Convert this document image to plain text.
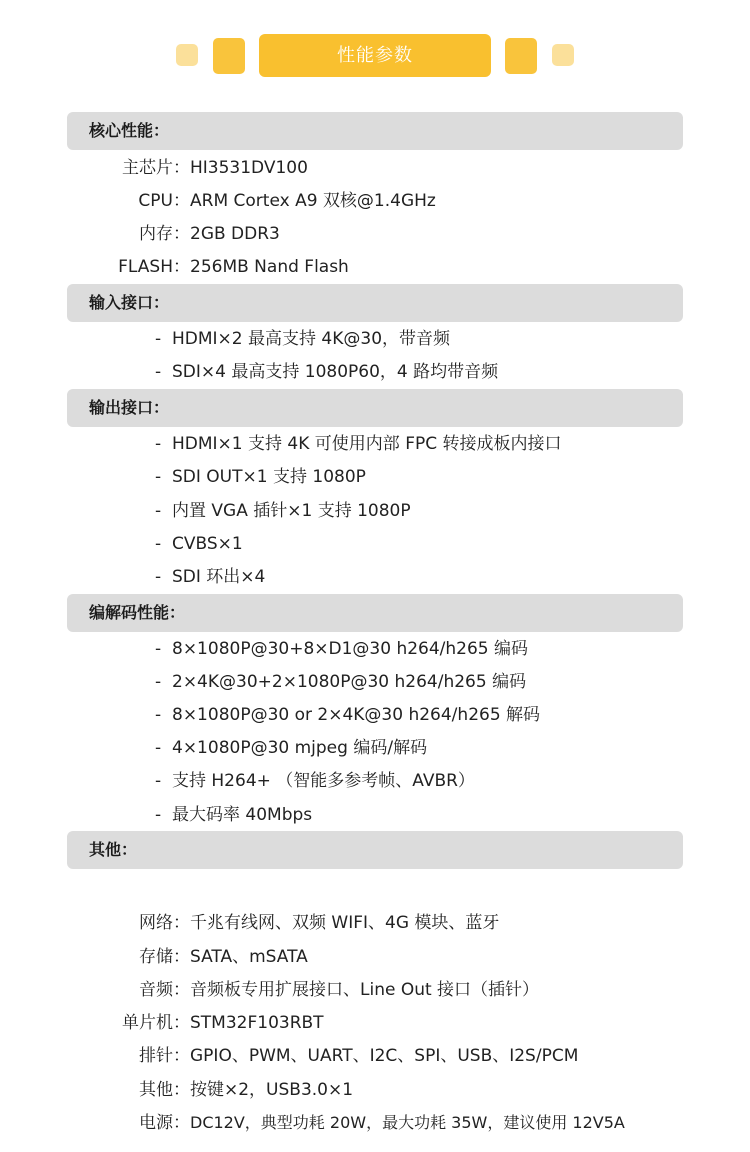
性能参数
核心性能：
主芯片：HI3531DV100
CPU：ARM Cortex A9 双核@1.4GHz
内存：2GB DDR3
FLASH：256MB Nand Flash
输入接口：
- HDMI×2 最高支持 4K@30，带音频
- SDI×4 最高支持 1080P60，4 路均带音频
输出接口：
- HDMI×1 支持 4K 可使用内部 FPC 转接成板内接口
- SDI OUT×1 支持 1080P
- 内置 VGA 插针×1 支持 1080P
- CVBS×1
- SDI 环出×4
编解码性能：
- 8×1080P@30+8×D1@30 h264/h265 编码
- 2×4K@30+2×1080P@30 h264/h265 编码
- 8×1080P@30 or 2×4K@30 h264/h265 解码
- 4×1080P@30 mjpeg 编码/解码
- 支持 H264+ （智能多参考帧、AVBR）
- 最大码率 40Mbps
其他：
网络：千兆有线网、双频 WIFI、4G 模块、蓝牙
存储：SATA、mSATA
音频：音频板专用扩展接口、Line Out 接口（插针）
单片机：STM32F103RBT
排针：GPIO、PWM、UART、I2C、SPI、USB、I2S/PCM
其他：按键×2，USB3.0×1
电源：DC12V，典型功耗 20W，最大功耗 35W，建议使用 12V5A
